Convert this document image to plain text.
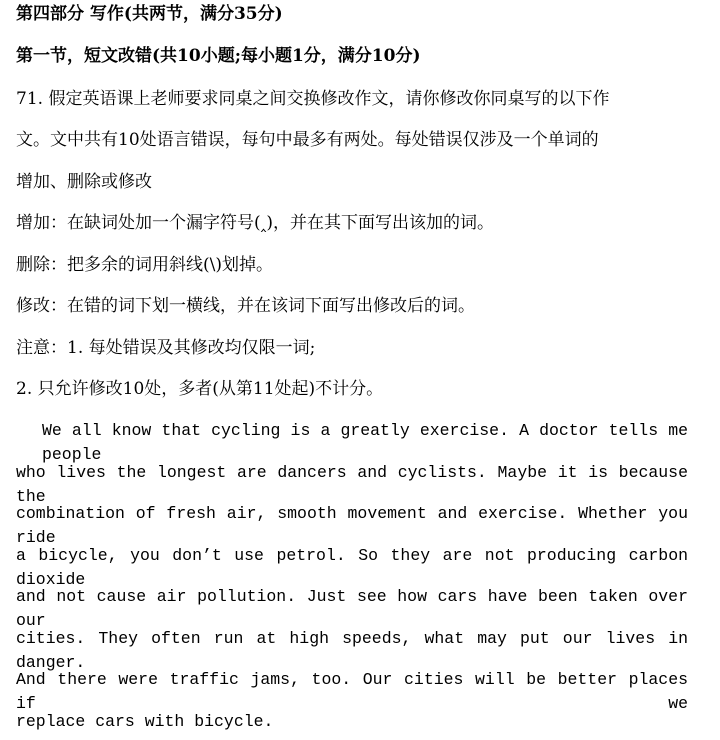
第四部分 写作(共两节，满分35分)
第一节，短文改错(共10小题;每小题1分，满分10分)
71. 假定英语课上老师要求同桌之间交换修改作文，请你修改你同桌写的以下作
文。文中共有10处语言错误，每句中最多有两处。每处错误仅涉及一个单词的
增加、删除或修改
增加：在缺词处加一个漏字符号(‸)，并在其下面写出该加的词。
删除：把多余的词用斜线(\)划掉。
修改：在错的词下划一横线，并在该词下面写出修改后的词。
注意：1. 每处错误及其修改均仅限一词;
2. 只允许修改10处，多者(从第11处起)不计分。
We all know that cycling is a greatly exercise. A doctor tells me people
who lives the longest are dancers and cyclists. Maybe it is because the
combination of fresh air, smooth movement and exercise. Whether you ride
a bicycle, you don’t use petrol. So they are not producing carbon dioxide
and not cause air pollution. Just see how cars have been taken over our
cities. They often run at high speeds, what may put our lives in danger.
And there were traffic jams, too. Our cities will be better places if we
replace cars with bicycle.
